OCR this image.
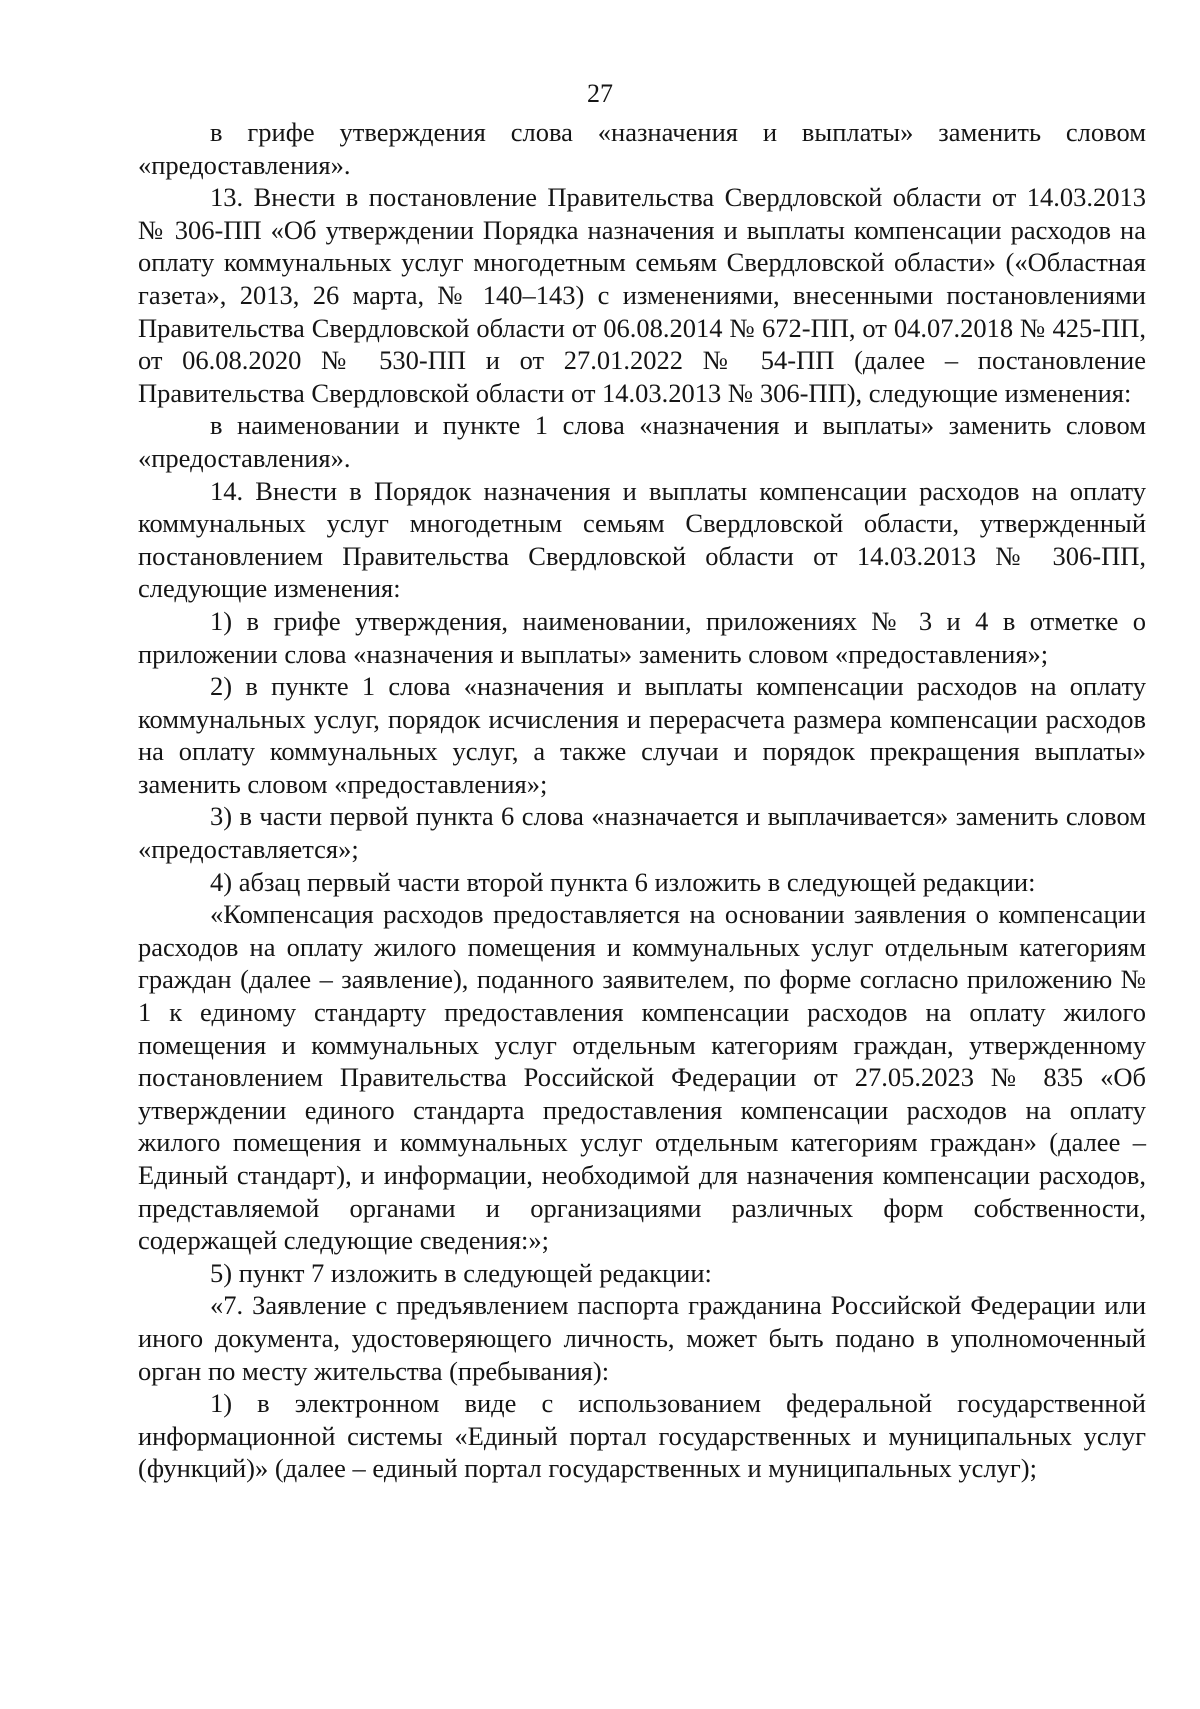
27

в грифе утверждения слова «назначения и выплаты» заменить словом «предоставления».

13. Внести в постановление Правительства Свердловской области от 14.03.2013 № 306-ПП «Об утверждении Порядка назначения и выплаты компенсации расходов на оплату коммунальных услуг многодетным семьям Свердловской области» («Областная газета», 2013, 26 марта, № 140–143) с изменениями, внесенными постановлениями Правительства Свердловской области от 06.08.2014 № 672-ПП, от 04.07.2018 № 425-ПП, от 06.08.2020 № 530-ПП и от 27.01.2022 № 54-ПП (далее – постановление Правительства Свердловской области от 14.03.2013 № 306-ПП), следующие изменения:

в наименовании и пункте 1 слова «назначения и выплаты» заменить словом «предоставления».

14. Внести в Порядок назначения и выплаты компенсации расходов на оплату коммунальных услуг многодетным семьям Свердловской области, утвержденный постановлением Правительства Свердловской области от 14.03.2013 № 306-ПП, следующие изменения:

1) в грифе утверждения, наименовании, приложениях № 3 и 4 в отметке о приложении слова «назначения и выплаты» заменить словом «предоставления»;

2) в пункте 1 слова «назначения и выплаты компенсации расходов на оплату коммунальных услуг, порядок исчисления и перерасчета размера компенсации расходов на оплату коммунальных услуг, а также случаи и порядок прекращения выплаты» заменить словом «предоставления»;

3) в части первой пункта 6 слова «назначается и выплачивается» заменить словом «предоставляется»;

4) абзац первый части второй пункта 6 изложить в следующей редакции:

«Компенсация расходов предоставляется на основании заявления о компенсации расходов на оплату жилого помещения и коммунальных услуг отдельным категориям граждан (далее – заявление), поданного заявителем, по форме согласно приложению № 1 к единому стандарту предоставления компенсации расходов на оплату жилого помещения и коммунальных услуг отдельным категориям граждан, утвержденному постановлением Правительства Российской Федерации от 27.05.2023 № 835 «Об утверждении единого стандарта предоставления компенсации расходов на оплату жилого помещения и коммунальных услуг отдельным категориям граждан» (далее – Единый стандарт), и информации, необходимой для назначения компенсации расходов, представляемой органами и организациями различных форм собственности, содержащей следующие сведения:»;

5) пункт 7 изложить в следующей редакции:

«7. Заявление с предъявлением паспорта гражданина Российской Федерации или иного документа, удостоверяющего личность, может быть подано в уполномоченный орган по месту жительства (пребывания):

1) в электронном виде с использованием федеральной государственной информационной системы «Единый портал государственных и муниципальных услуг (функций)» (далее – единый портал государственных и муниципальных услуг);
